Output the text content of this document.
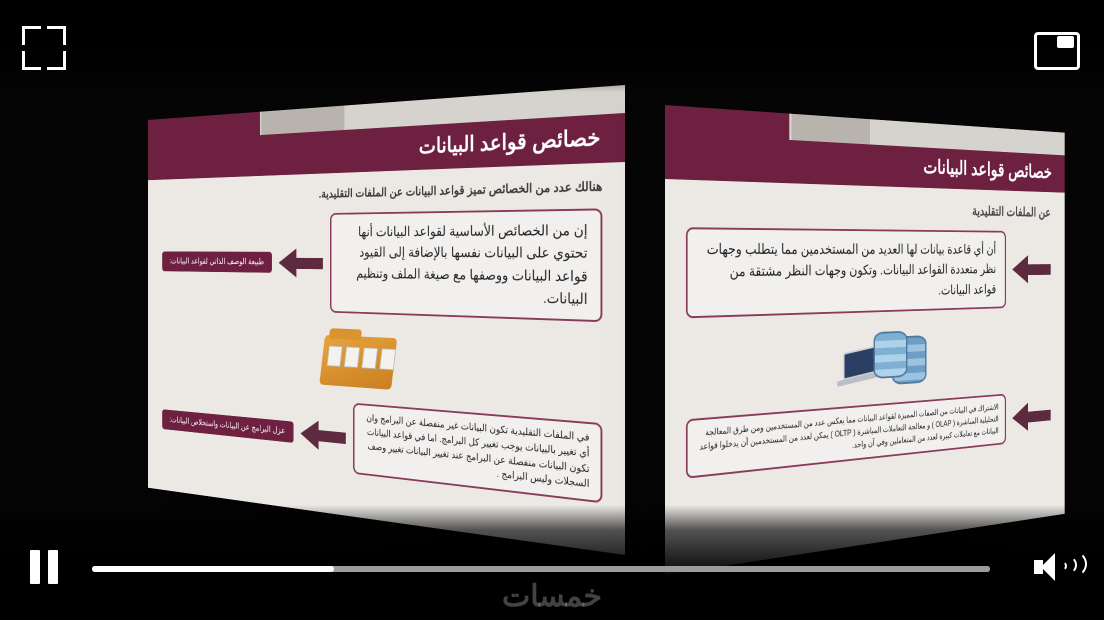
خصائص قواعد البيانات
هنالك عدد من الخصائص تميز قواعد البيانات عن الملفات التقليدية.
طبيعة الوصف الذاتي لقواعد البيانات:
إن من الخصائص الأساسية لقواعد البيانات أنها تحتوي على البيانات نفسها بالإضافة إلى القيود قواعد البيانات ووصفها مع صيغة الملف وتنظيم البيانات.
عزل البرامج عن البيانات واستخلاص البيانات:	في الملفات التقليدية تكون البيانات غير منفصلة عن البرامج وان أي تغيير بالبيانات يوجب تغيير كل البرامج. اما في قواعد البيانات تكون البيانات منفصلة عن البرامج عند تغيير البيانات تغيير وصف السجلات وليس البرامج .
خصائص قواعد البيانات
عن الملفات التقليدية
أن أي قاعدة بيانات لها العديد من المستخدمين مما يتطلب وجهات نظر متعددة القواعد البيانات. وتكون وجهات النظر مشتقة من قواعد البيانات.
الاشتراك في البيانات من الصفات المميزة لقواعد البيانات مما يعكس عدد من المستخدمين ومن طرق المعالجة التحليلية المباشرة ( OLAP ) و معالجة التعاملات المباشرة ( OLTP ) يمكن لعدد من المستخدمين أن يدخلوا قواعد البيانات مع تعاملات كبيرة لعدد من المتعاملين وفي آن واحد.
خمسات
